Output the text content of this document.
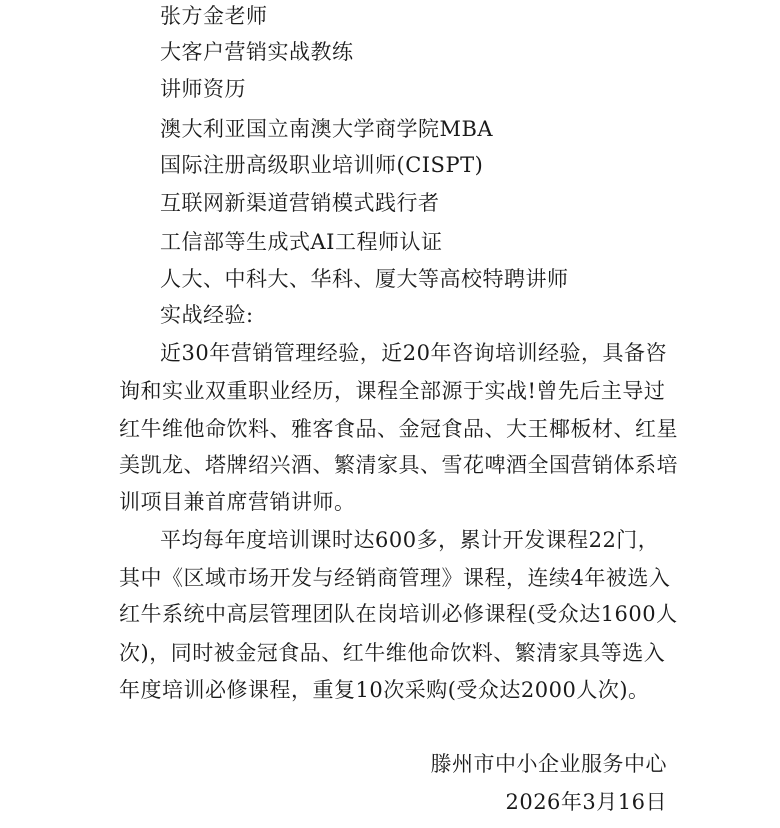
张方金老师
大客户营销实战教练
讲师资历
澳大利亚国立南澳大学商学院MBA
国际注册高级职业培训师(CISPT)
互联网新渠道营销模式践行者
工信部等生成式AI工程师认证
人大、中科大、华科、厦大等高校特聘讲师
实战经验:
近30年营销管理经验，近20年咨询培训经验，具备咨
询和实业双重职业经历，课程全部源于实战!曾先后主导过
红牛维他命饮料、雅客食品、金冠食品、大王椰板材、红星
美凯龙、塔牌绍兴酒、繁清家具、雪花啤酒全国营销体系培
训项目兼首席营销讲师。
平均每年度培训课时达600多，累计开发课程22门，
其中《区域市场开发与经销商管理》课程，连续4年被选入
红牛系统中高层管理团队在岗培训必修课程(受众达1600人
次)，同时被金冠食品、红牛维他命饮料、繁清家具等选入
年度培训必修课程，重复10次采购(受众达2000人次)。
滕州市中小企业服务中心
2026年3月16日
